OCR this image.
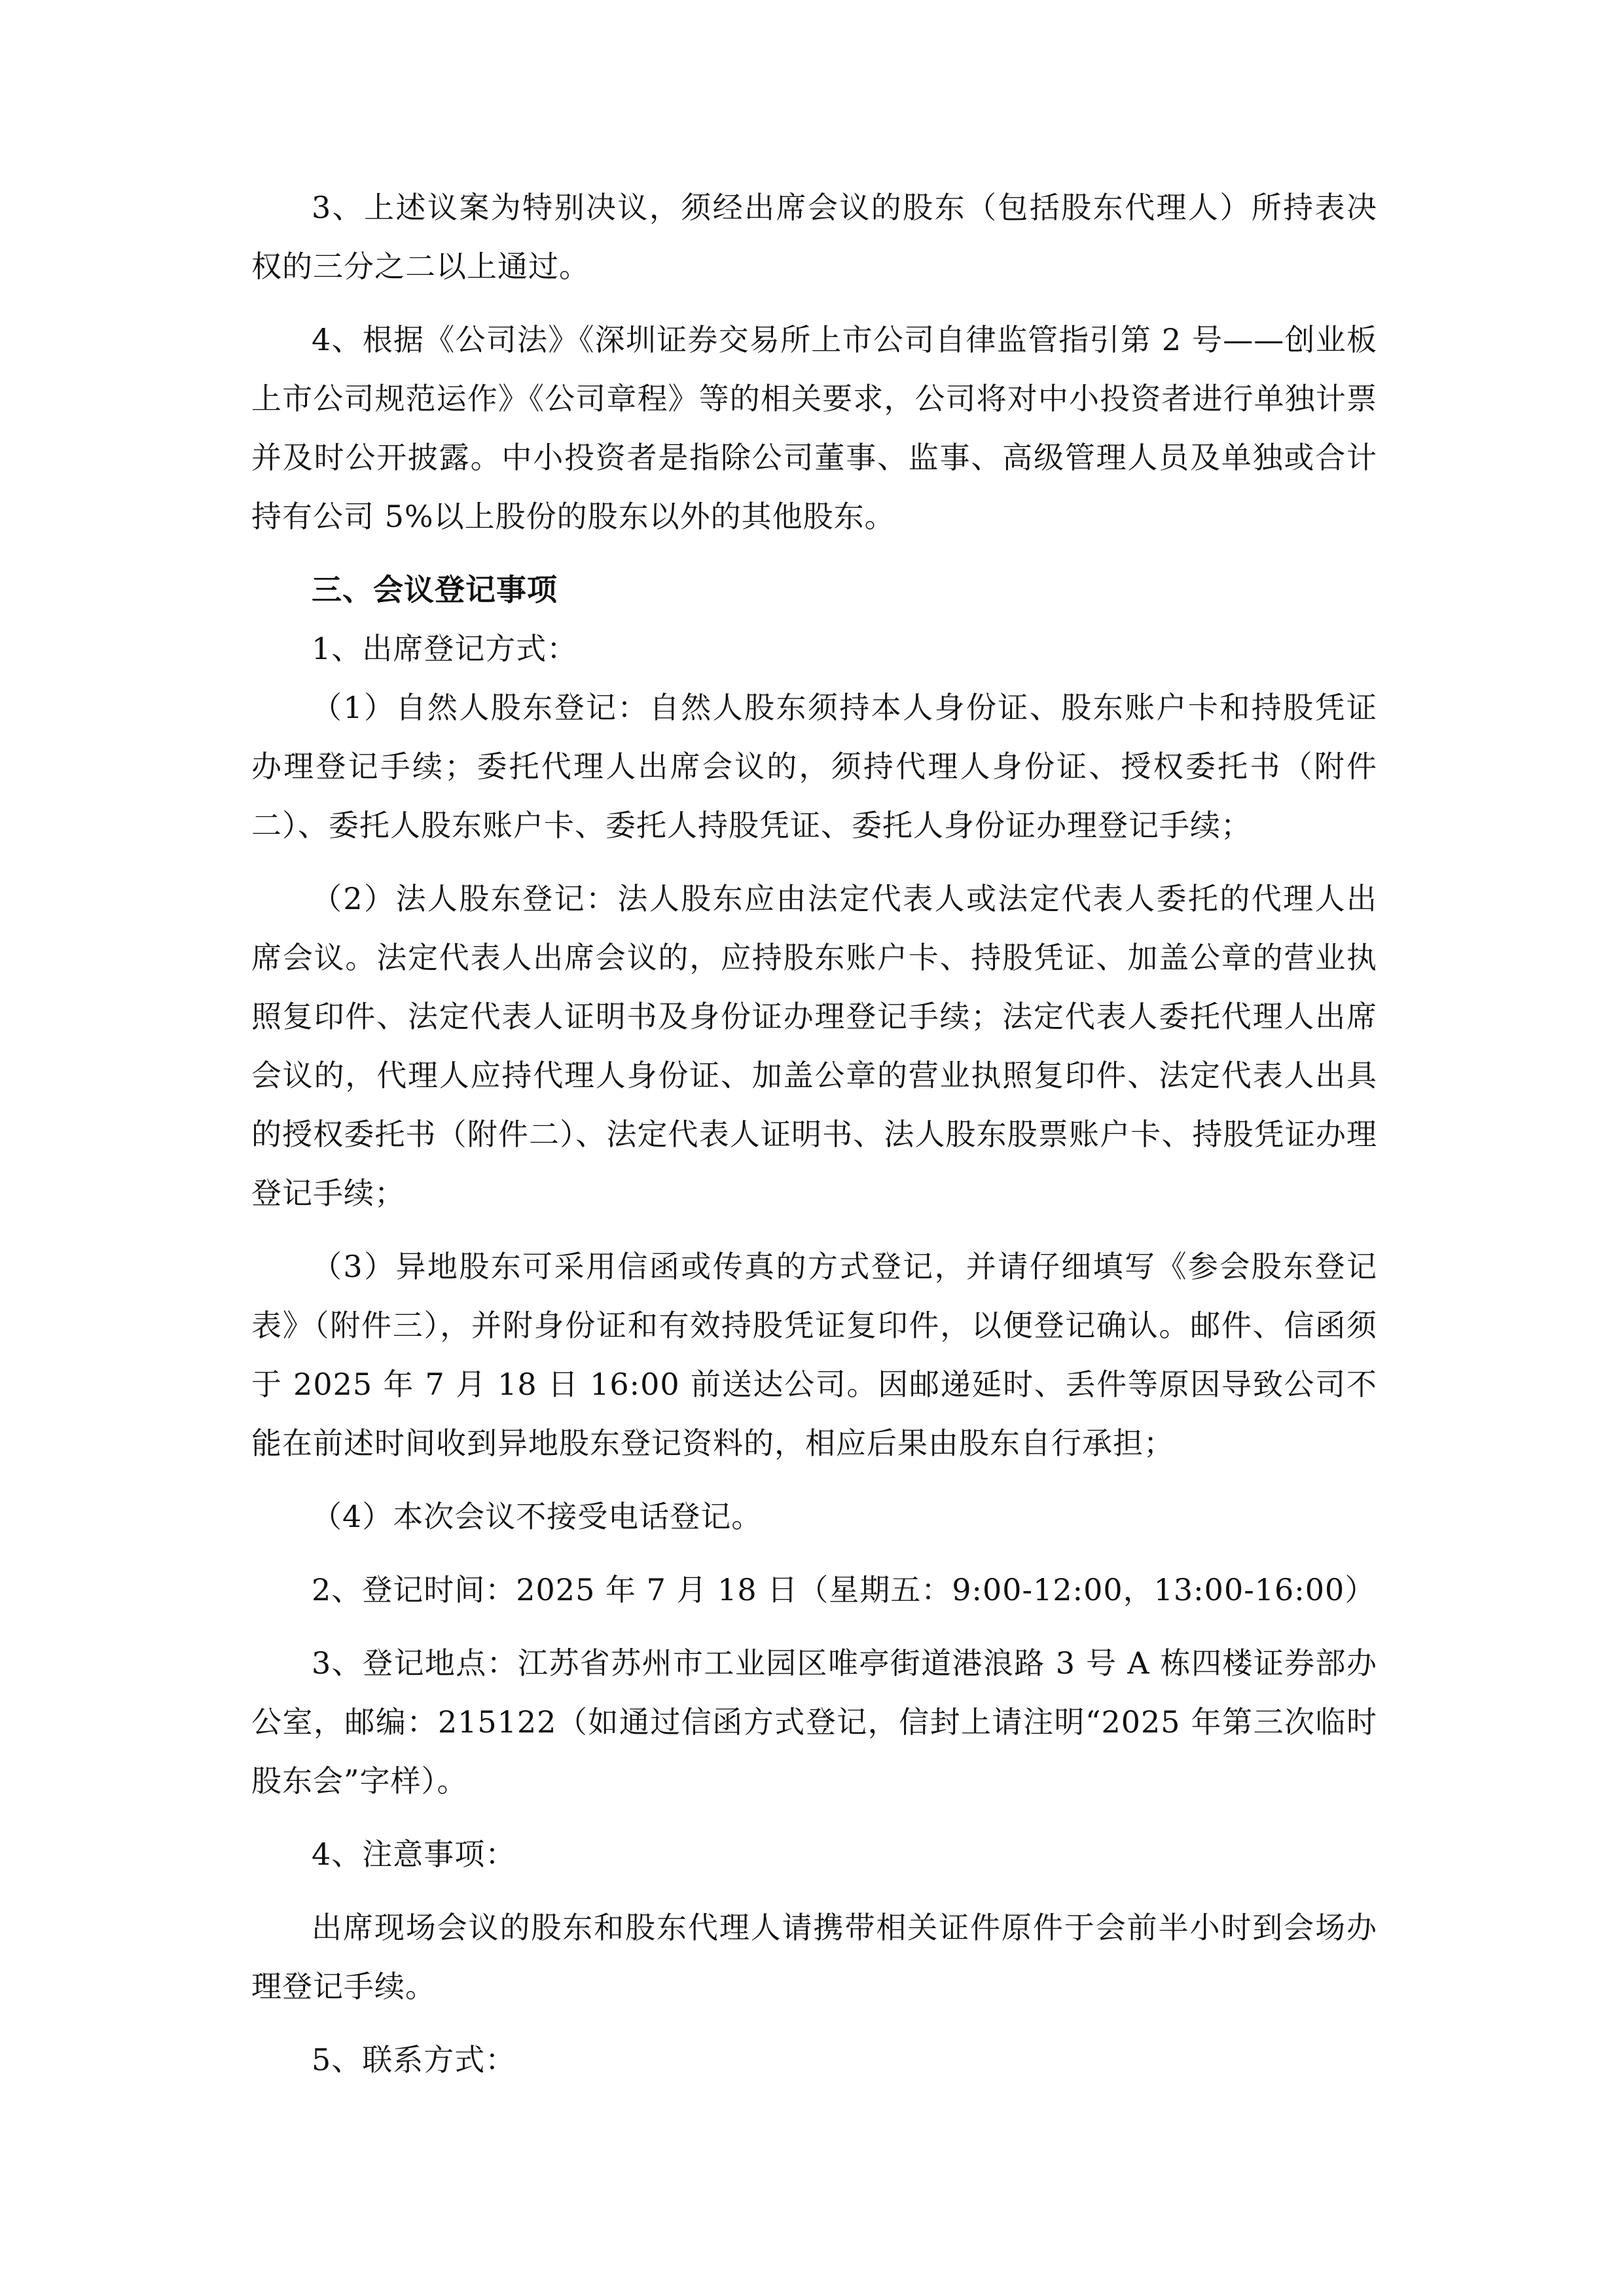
3、上述议案为特别决议，须经出席会议的股东（包括股东代理人）所持表决权的三分之二以上通过。

4、根据《公司法》《深圳证券交易所上市公司自律监管指引第 2 号——创业板上市公司规范运作》《公司章程》等的相关要求，公司将对中小投资者进行单独计票并及时公开披露。中小投资者是指除公司董事、监事、高级管理人员及单独或合计持有公司 5%以上股份的股东以外的其他股东。

三、会议登记事项

1、出席登记方式：

（1）自然人股东登记：自然人股东须持本人身份证、股东账户卡和持股凭证办理登记手续；委托代理人出席会议的，须持代理人身份证、授权委托书（附件二）、委托人股东账户卡、委托人持股凭证、委托人身份证办理登记手续；

（2）法人股东登记：法人股东应由法定代表人或法定代表人委托的代理人出席会议。法定代表人出席会议的，应持股东账户卡、持股凭证、加盖公章的营业执照复印件、法定代表人证明书及身份证办理登记手续；法定代表人委托代理人出席会议的，代理人应持代理人身份证、加盖公章的营业执照复印件、法定代表人出具的授权委托书（附件二）、法定代表人证明书、法人股东股票账户卡、持股凭证办理登记手续；

（3）异地股东可采用信函或传真的方式登记，并请仔细填写《参会股东登记表》（附件三），并附身份证和有效持股凭证复印件，以便登记确认。邮件、信函须于 2025 年 7 月 18 日 16:00 前送达公司。因邮递延时、丢件等原因导致公司不能在前述时间收到异地股东登记资料的，相应后果由股东自行承担；

（4）本次会议不接受电话登记。

2、登记时间：2025 年 7 月 18 日（星期五：9:00-12:00，13:00-16:00）

3、登记地点：江苏省苏州市工业园区唯亭街道港浪路 3 号 A 栋四楼证券部办公室，邮编：215122（如通过信函方式登记，信封上请注明“2025 年第三次临时股东会”字样）。

4、注意事项：

出席现场会议的股东和股东代理人请携带相关证件原件于会前半小时到会场办理登记手续。

5、联系方式：
